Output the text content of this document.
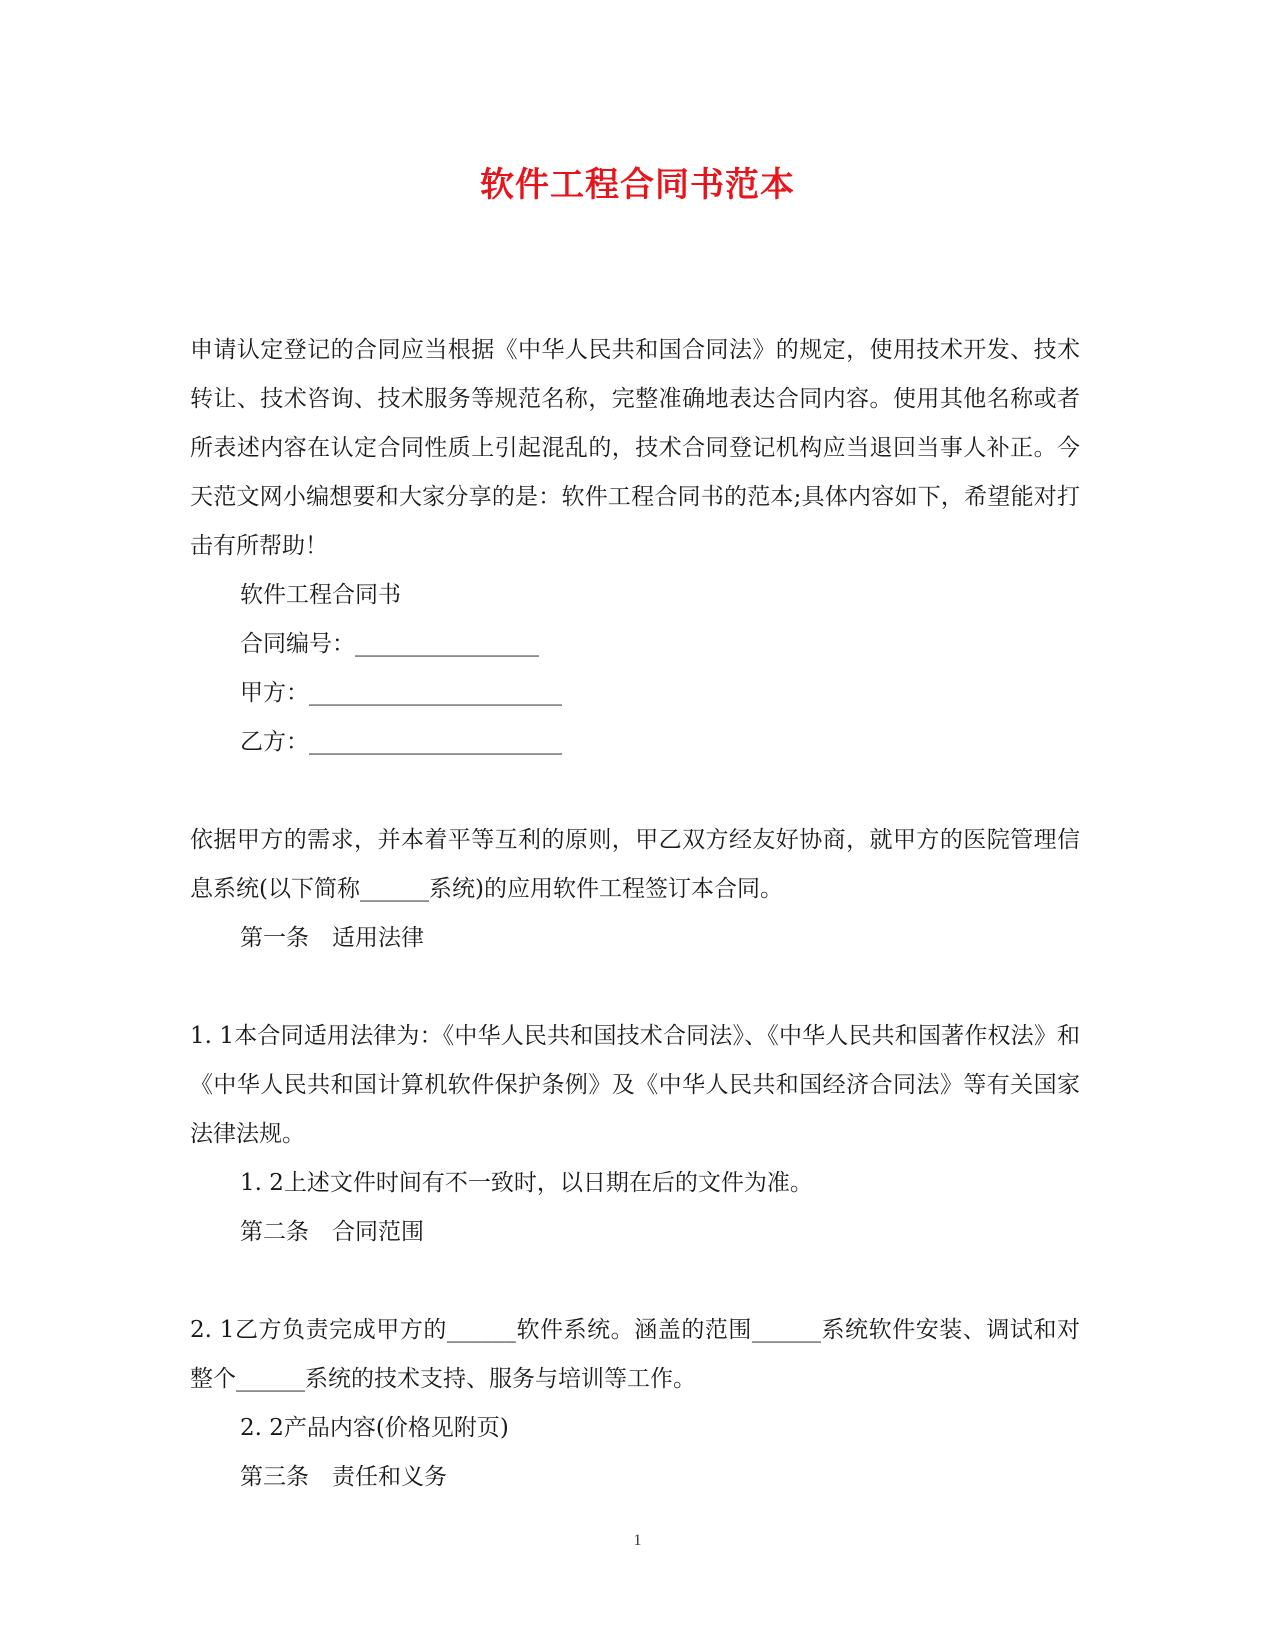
软件工程合同书范本

申请认定登记的合同应当根据《中华人民共和国合同法》的规定，使用技术开发、技术转让、技术咨询、技术服务等规范名称，完整准确地表达合同内容。使用其他名称或者所表述内容在认定合同性质上引起混乱的，技术合同登记机构应当退回当事人补正。今天范文网小编想要和大家分享的是：软件工程合同书的范本;具体内容如下，希望能对打击有所帮助！

软件工程合同书

合同编号：________________

甲方：______________________

乙方：______________________

依据甲方的需求，并本着平等互利的原则，甲乙双方经友好协商，就甲方的医院管理信息系统(以下简称______系统)的应用软件工程签订本合同。

第一条　适用法律

1. 1本合同适用法律为：《中华人民共和国技术合同法》、《中华人民共和国著作权法》和《中华人民共和国计算机软件保护条例》及《中华人民共和国经济合同法》等有关国家法律法规。

1. 2上述文件时间有不一致时，以日期在后的文件为准。

第二条　合同范围

2. 1乙方负责完成甲方的______软件系统。涵盖的范围______系统软件安装、调试和对整个______系统的技术支持、服务与培训等工作。

2. 2产品内容(价格见附页)

第三条　责任和义务

1
